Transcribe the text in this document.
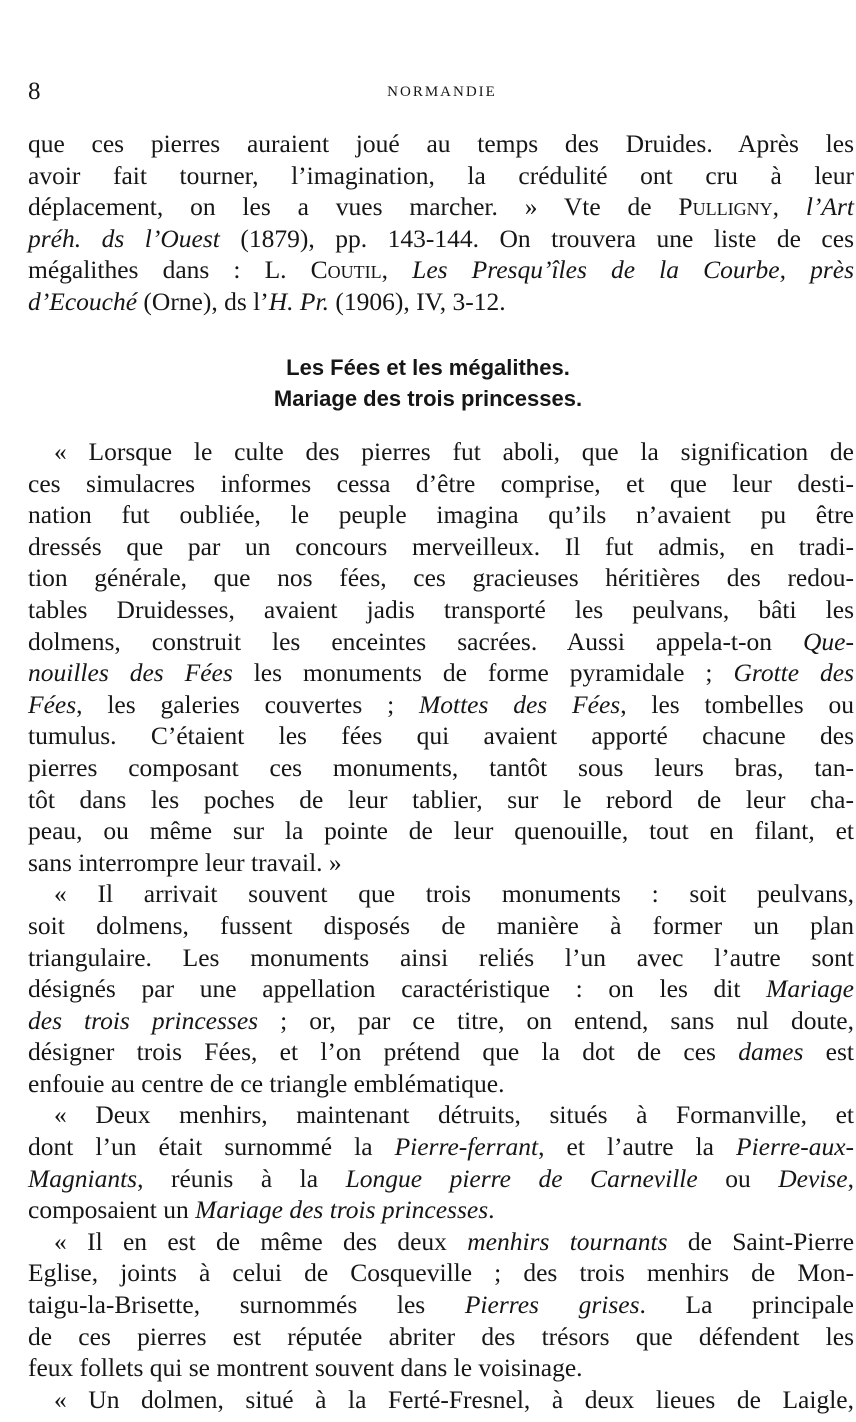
8	NORMANDIE
que ces pierres auraient joué au temps des Druides. Après les
avoir fait tourner, l’imagination, la crédulité ont cru à leur
déplacement, on les a vues marcher. » Vte de Pulligny, l’Art
préh. ds l’Ouest (1879), pp. 143-144. On trouvera une liste de ces
mégalithes dans : L. Coutil, Les Presqu’îles de la Courbe, près
d’Ecouché (Orne), ds l’H. Pr. (1906), IV, 3-12.
Les Fées et les mégalithes.
Mariage des trois princesses.
« Lorsque le culte des pierres fut aboli, que la signification de
ces simulacres informes cessa d’être comprise, et que leur desti-
nation fut oubliée, le peuple imagina qu’ils n’avaient pu être
dressés que par un concours merveilleux. Il fut admis, en tradi-
tion générale, que nos fées, ces gracieuses héritières des redou-
tables Druidesses, avaient jadis transporté les peulvans, bâti les
dolmens, construit les enceintes sacrées. Aussi appela-t-on Que-
nouilles des Fées les monuments de forme pyramidale ; Grotte des
Fées, les galeries couvertes ; Mottes des Fées, les tombelles ou
tumulus. C’étaient les fées qui avaient apporté chacune des
pierres composant ces monuments, tantôt sous leurs bras, tan-
tôt dans les poches de leur tablier, sur le rebord de leur cha-
peau, ou même sur la pointe de leur quenouille, tout en filant, et
sans interrompre leur travail. »
« Il arrivait souvent que trois monuments : soit peulvans,
soit dolmens, fussent disposés de manière à former un plan
triangulaire. Les monuments ainsi reliés l’un avec l’autre sont
désignés par une appellation caractéristique : on les dit Mariage
des trois princesses ; or, par ce titre, on entend, sans nul doute,
désigner trois Fées, et l’on prétend que la dot de ces dames est
enfouie au centre de ce triangle emblématique.
« Deux menhirs, maintenant détruits, situés à Formanville, et
dont l’un était surnommé la Pierre-ferrant, et l’autre la Pierre-aux-
Magniants, réunis à la Longue pierre de Carneville ou Devise,
composaient un Mariage des trois princesses.
« Il en est de même des deux menhirs tournants de Saint-Pierre
Eglise, joints à celui de Cosqueville ; des trois menhirs de Mon-
taigu-la-Brisette, surnommés les Pierres grises. La principale
de ces pierres est réputée abriter des trésors que défendent les
feux follets qui se montrent souvent dans le voisinage.
« Un dolmen, situé à la Ferté-Fresnel, à deux lieues de Laigle,
